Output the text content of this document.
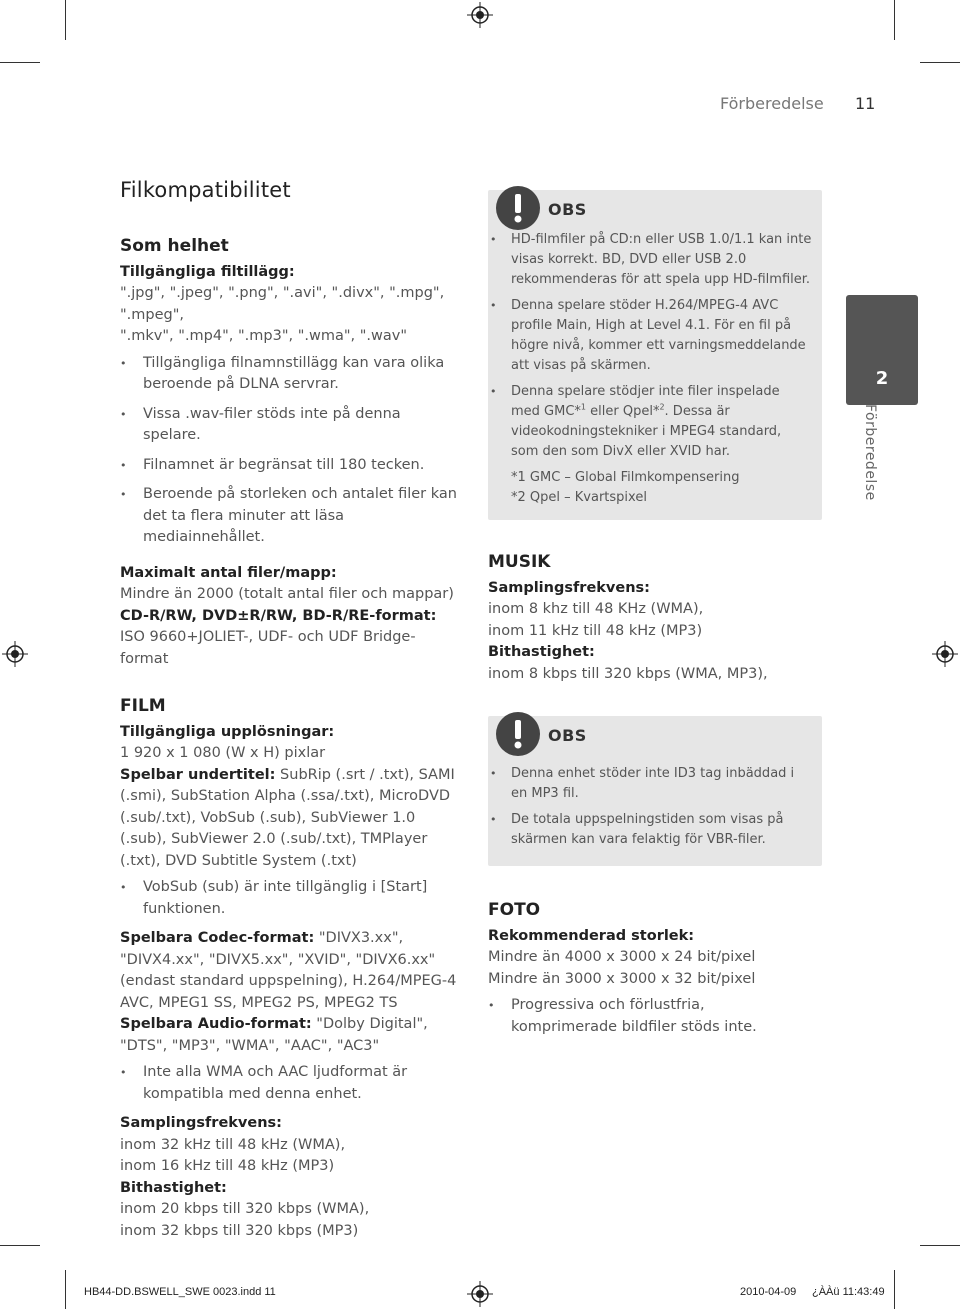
Förberedelse 11
Filkompatibilitet

Som helhet

Tillgängliga filtillägg:

".jpg", ".jpeg", ".png", ".avi", ".divx", ".mpg", ".mpeg",

".mkv", ".mp4", ".mp3", ".wma", ".wav"

• Tillgängliga filnamnstillägg kan vara olika beroende på DLNA servrar.
• Vissa .wav-filer stöds inte på denna spelare.
• Filnamnet är begränsat till 180 tecken.
• Beroende på storleken och antalet filer kan det ta flera minuter att läsa mediainnehållet.

Maximalt antal filer/mapp:

Mindre än 2000 (totalt antal filer och mappar)

CD-R/RW, DVD±R/RW, BD-R/RE-format:

ISO 9660+JOLIET-, UDF- och UDF Bridge-format

FILM

Tillgängliga upplösningar:

1 920 x 1 080 (W x H) pixlar

Spelbar undertitel: SubRip (.srt / .txt), SAMI (.smi), SubStation Alpha (.ssa/.txt), MicroDVD (.sub/.txt), VobSub (.sub), SubViewer 1.0 (.sub), SubViewer 2.0 (.sub/.txt), TMPlayer (.txt), DVD Subtitle System (.txt)

• VobSub (sub) är inte tillgänglig i [Start] funktionen.

Spelbara Codec-format: "DIVX3.xx", "DIVX4.xx", "DIVX5.xx", "XVID", "DIVX6.xx" (endast standard uppspelning), H.264/MPEG-4 AVC, MPEG1 SS, MPEG2 PS, MPEG2 TS

Spelbara Audio-format: "Dolby Digital", "DTS", "MP3", "WMA", "AAC", "AC3"

• Inte alla WMA och AAC ljudformat är kompatibla med denna enhet.

Samplingsfrekvens:

inom 32 kHz till 48 kHz (WMA),

inom 16 kHz till 48 kHz (MP3)

Bithastighet:

inom 20 kbps till 320 kbps (WMA),

inom 32 kbps till 320 kbps (MP3)

OBS
• HD-filmfiler på CD:n eller USB 1.0/1.1 kan inte visas korrekt. BD, DVD eller USB 2.0 rekommenderas för att spela upp HD-filmfiler.
• Denna spelare stöder H.264/MPEG-4 AVC profile Main, High at Level 4.1. För en fil på högre nivå, kommer ett varningsmeddelande att visas på skärmen.
• Denna spelare stödjer inte filer inspelade med GMC*$^1$ eller Qpel*$^2$. Dessa är videokodningstekniker i MPEG4 standard, som den som DivX eller XVID har.

*1 GMC – Global Filmkompensering

*2 Qpel – Kvartspixel

MUSIK

Samplingsfrekvens:

inom 8 khz till 48 KHz (WMA),

inom 11 kHz till 48 kHz (MP3)

Bithastighet:

inom 8 kbps till 320 kbps (WMA, MP3),

OBS
• Denna enhet stöder inte ID3 tag inbäddad i en MP3 fil.
• De totala uppspelningstiden som visas på skärmen kan vara felaktig för VBR-filer.

FOTO

Rekommenderad storlek:

Mindre än 4000 x 3000 x 24 bit/pixel

Mindre än 3000 x 3000 x 32 bit/pixel

• Progressiva och förlustfria, komprimerade bildfiler stöds inte.
2
Förberedelse
HB44-DD.BSWELL_SWE 0023.indd 11	2010-04-09 ¿ÀÀü 11:43:49
